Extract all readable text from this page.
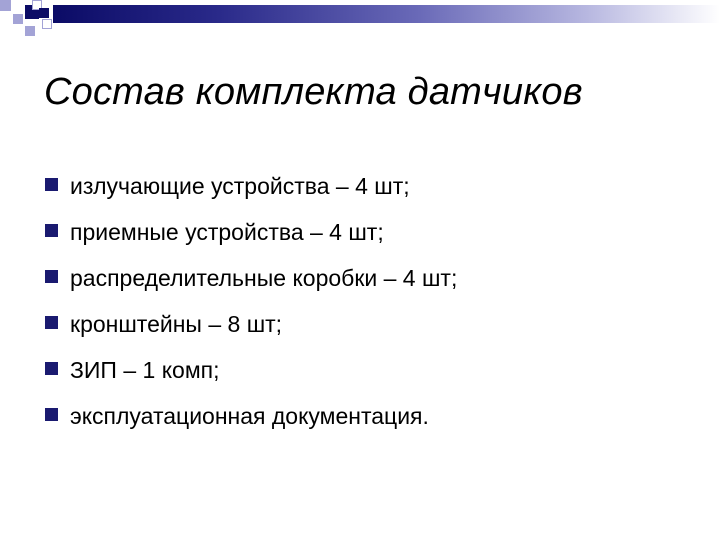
Состав комплекта датчиков
излучающие устройства – 4 шт;
приемные устройства – 4 шт;
распределительные коробки – 4 шт;
кронштейны – 8 шт;
ЗИП – 1 комп;
эксплуатационная документация.
